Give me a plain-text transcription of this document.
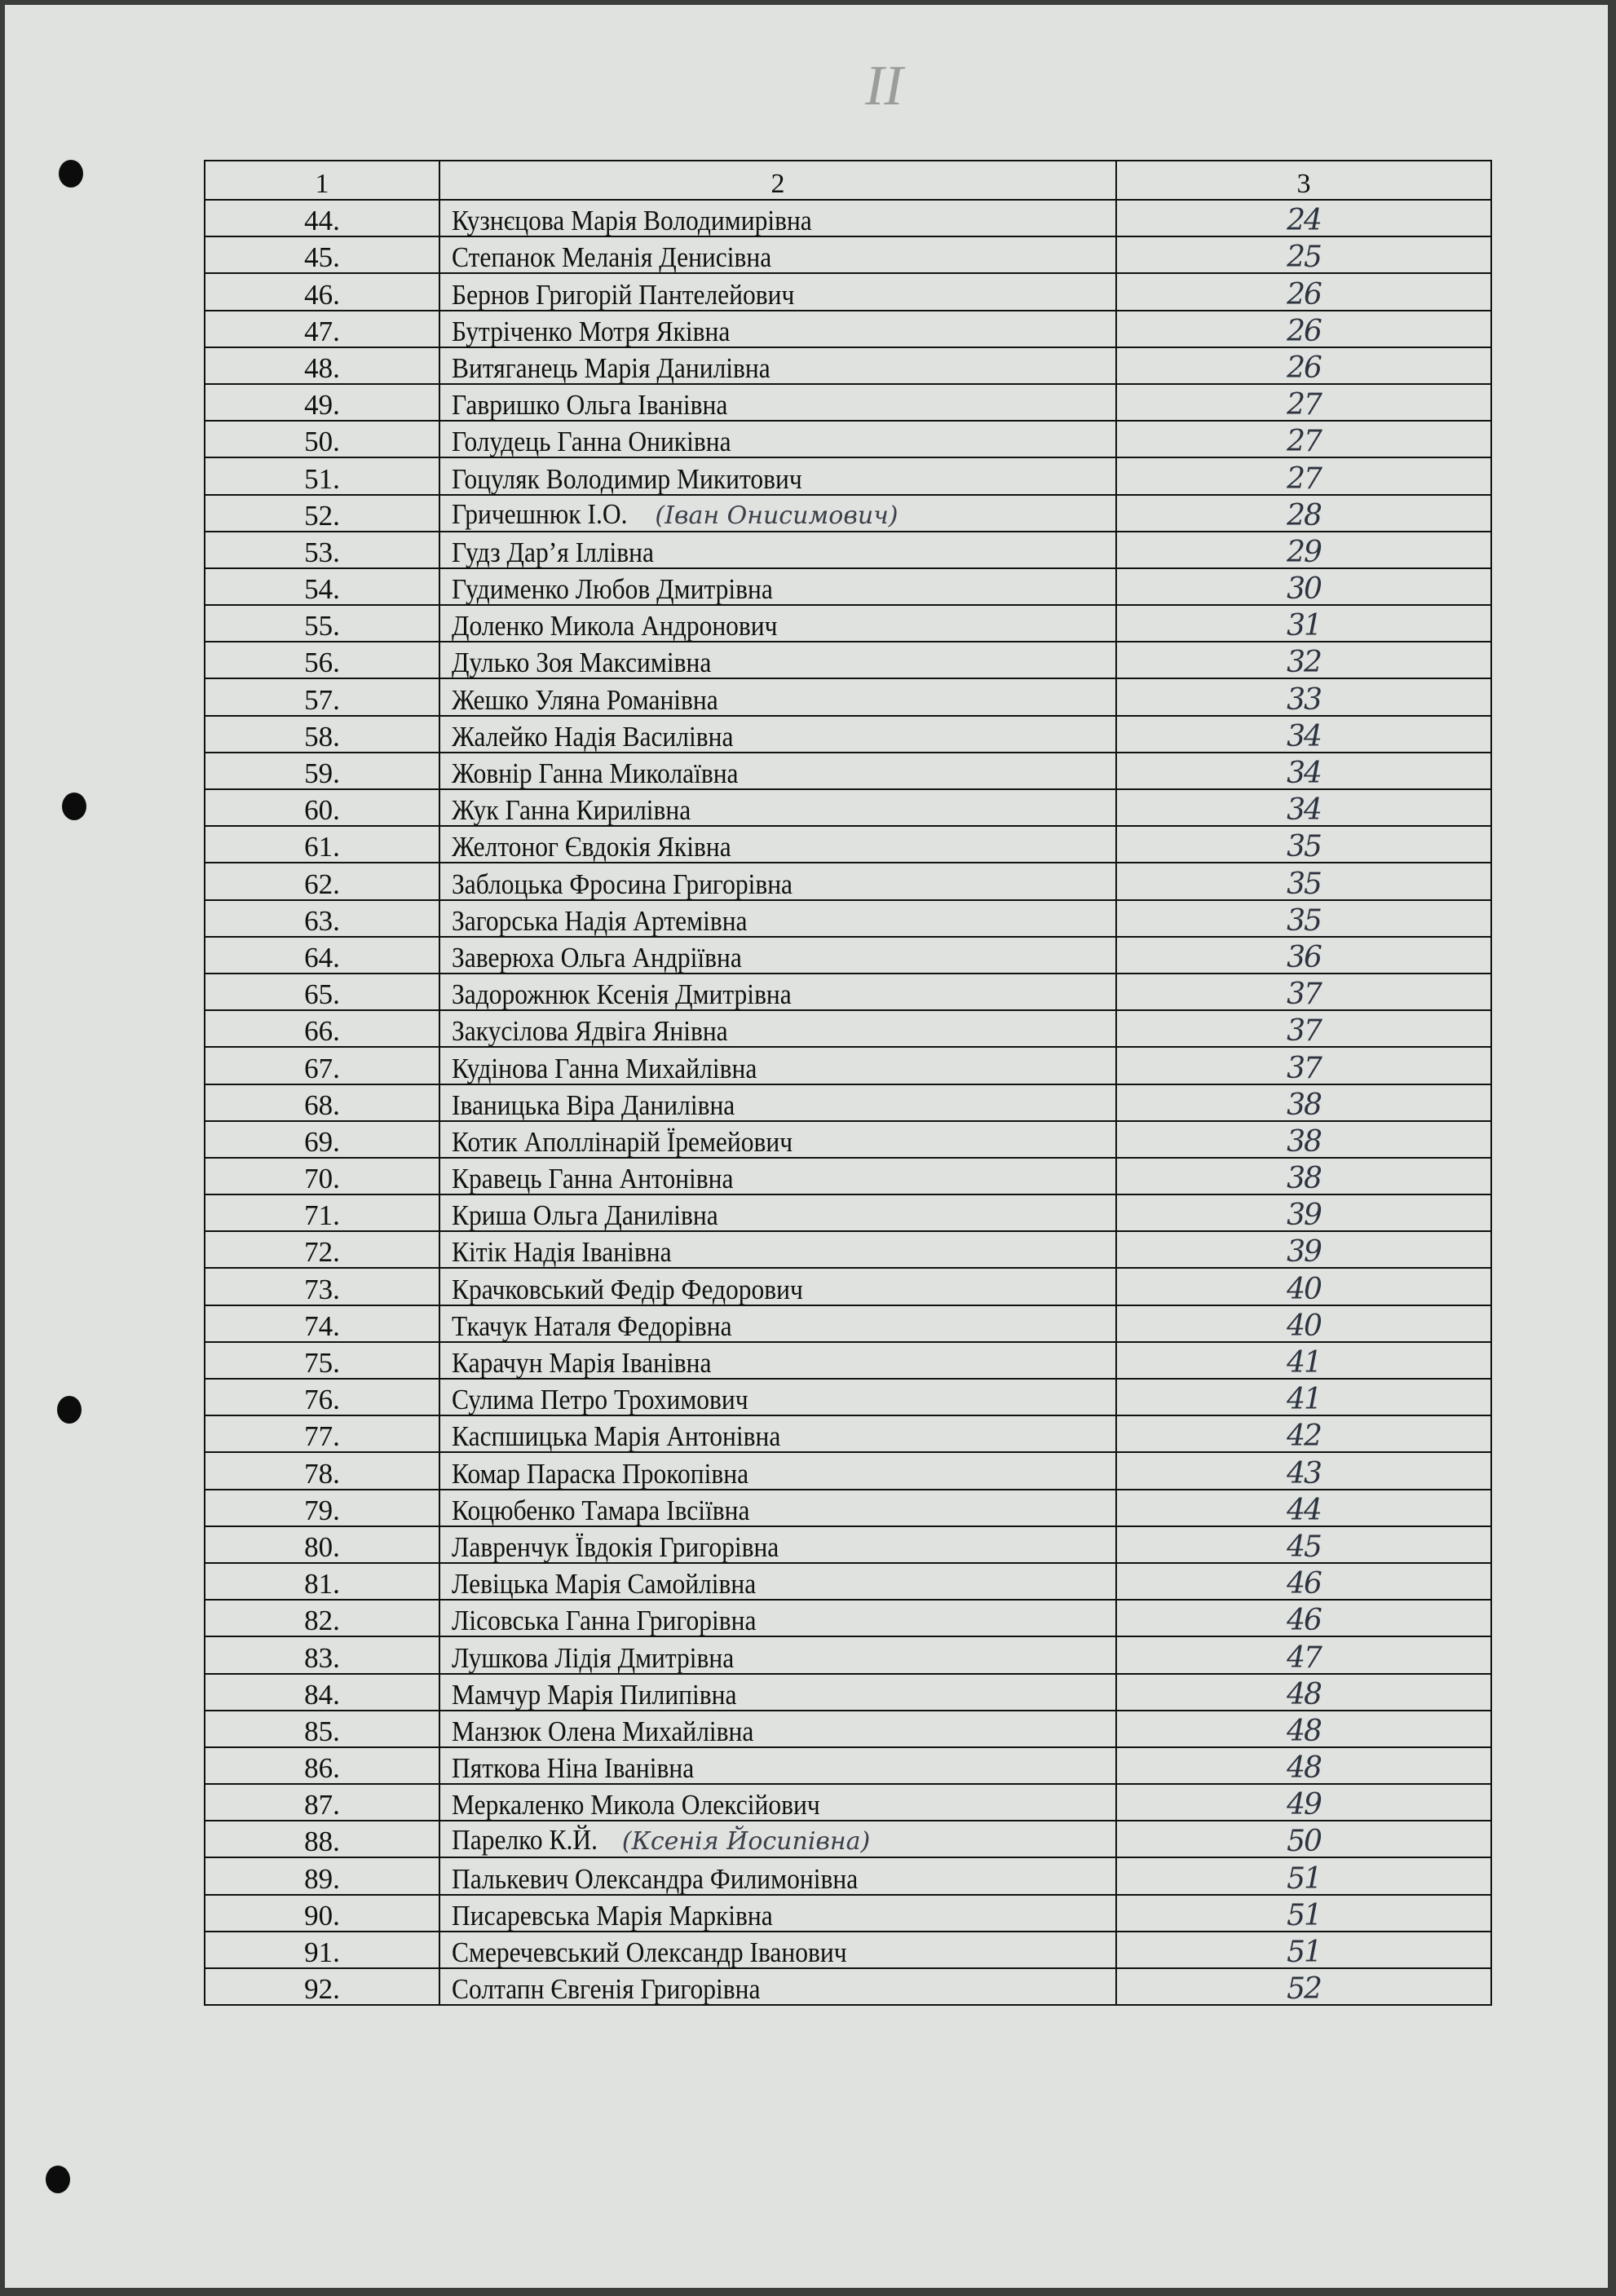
II
1	2	3
44.	Кузнєцова Марія Володимирівна	24
45.	Степанок Меланія Денисівна	25
46.	Бернов Григорій Пантелейович	26
47.	Бутріченко Мотря Яківна	26
48.	Витяганець Марія Данилівна	26
49.	Гавришко Ольга Іванівна	27
50.	Голудець Ганна Ониківна	27
51.	Гоцуляк Володимир Микитович	27
52.	Гричешнюк І.О. (Іван Онисимович)	28
53.	Гудз Дар’я Іллівна	29
54.	Гудименко Любов Дмитрівна	30
55.	Доленко Микола Андронович	31
56.	Дулько Зоя Максимівна	32
57.	Жешко Уляна Романівна	33
58.	Жалейко Надія Василівна	34
59.	Жовнір Ганна Миколаївна	34
60.	Жук Ганна Кирилівна	34
61.	Желтоног Євдокія Яківна	35
62.	Заблоцька Фросина Григорівна	35
63.	Загорська Надія Артемівна	35
64.	Заверюха Ольга Андріївна	36
65.	Задорожнюк Ксенія Дмитрівна	37
66.	Закусілова Ядвіга Янівна	37
67.	Кудінова Ганна Михайлівна	37
68.	Іваницька Віра Данилівна	38
69.	Котик Аполлінарій Їремейович	38
70.	Кравець Ганна Антонівна	38
71.	Криша Ольга Данилівна	39
72.	Кітік Надія Іванівна	39
73.	Крачковський Федір Федорович	40
74.	Ткачук Наталя Федорівна	40
75.	Карачун Марія Іванівна	41
76.	Сулима Петро Трохимович	41
77.	Каспшицька Марія Антонівна	42
78.	Комар Параска Прокопівна	43
79.	Коцюбенко Тамара Івсіївна	44
80.	Лавренчук Ївдокія Григорівна	45
81.	Левіцька Марія Самойлівна	46
82.	Лісовська Ганна Григорівна	46
83.	Лушкова Лідія Дмитрівна	47
84.	Мамчур Марія Пилипівна	48
85.	Манзюк Олена Михайлівна	48
86.	Пяткова Ніна Іванівна	48
87.	Меркаленко Микола Олексійович	49
88.	Парелко К.Й. (Ксенія Йосипівна)	50
89.	Палькевич Олександра Филимонівна	51
90.	Писаревська Марія Марківна	51
91.	Смеречевський Олександр Іванович	51
92.	Солтапн Євгенія Григорівна	52
